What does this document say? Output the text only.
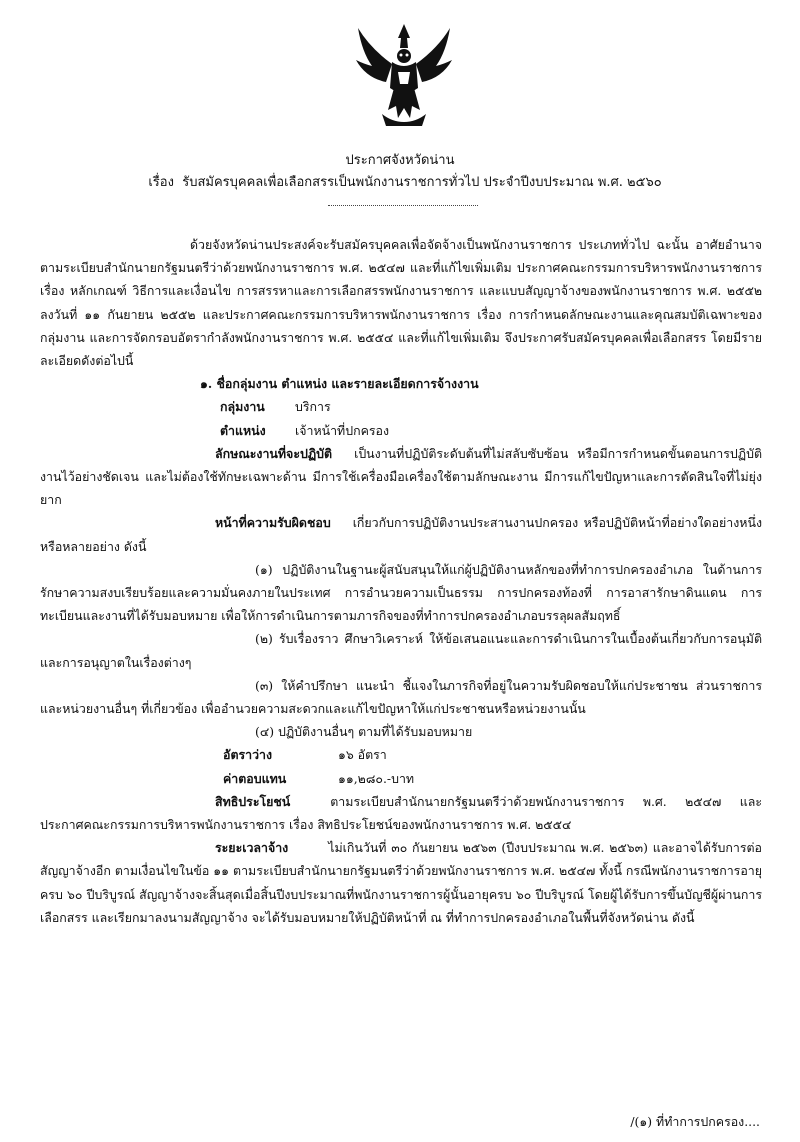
ประกาศจังหวัดน่าน
เรื่อง รับสมัครบุคคลเพื่อเลือกสรรเป็นพนักงานราชการทั่วไป ประจำปีงบประมาณ พ.ศ. ๒๕๖๐

ด้วยจังหวัดน่านประสงค์จะรับสมัครบุคคลเพื่อจัดจ้างเป็นพนักงานราชการ ประเภททั่วไป ฉะนั้น อาศัยอำนาจตามระเบียบสำนักนายกรัฐมนตรีว่าด้วยพนักงานราชการ พ.ศ. ๒๕๔๗ และที่แก้ไขเพิ่มเติม ประกาศคณะกรรมการบริหารพนักงานราชการ เรื่อง หลักเกณฑ์ วิธีการและเงื่อนไข การสรรหาและการเลือกสรรพนักงานราชการ และแบบสัญญาจ้างของพนักงานราชการ พ.ศ. ๒๕๕๒ ลงวันที่ ๑๑ กันยายน ๒๕๕๒ และประกาศคณะกรรมการบริหารพนักงานราชการ เรื่อง การกำหนดลักษณะงานและคุณสมบัติเฉพาะของกลุ่มงาน และการจัดกรอบอัตรากำลังพนักงานราชการ พ.ศ. ๒๕๕๔ และที่แก้ไขเพิ่มเติม จึงประกาศรับสมัครบุคคลเพื่อเลือกสรร โดยมีรายละเอียดดังต่อไปนี้

๑. ชื่อกลุ่มงาน ตำแหน่ง และรายละเอียดการจ้างงาน

กลุ่มงาน	บริการ
ตำแหน่ง	เจ้าหน้าที่ปกครอง

ลักษณะงานที่จะปฏิบัติ เป็นงานที่ปฏิบัติระดับต้นที่ไม่สลับซับซ้อน หรือมีการกำหนดขั้นตอนการปฏิบัติงานไว้อย่างชัดเจน และไม่ต้องใช้ทักษะเฉพาะด้าน มีการใช้เครื่องมือเครื่องใช้ตามลักษณะงาน มีการแก้ไขปัญหาและการตัดสินใจที่ไม่ยุ่งยาก

หน้าที่ความรับผิดชอบ เกี่ยวกับการปฏิบัติงานประสานงานปกครอง หรือปฏิบัติหน้าที่อย่างใดอย่างหนึ่งหรือหลายอย่าง ดังนี้

(๑) ปฏิบัติงานในฐานะผู้สนับสนุนให้แก่ผู้ปฏิบัติงานหลักของที่ทำการปกครองอำเภอ ในด้านการรักษาความสงบเรียบร้อยและความมั่นคงภายในประเทศ การอำนวยความเป็นธรรม การปกครองท้องที่ การอาสารักษาดินแดน การทะเบียนและงานที่ได้รับมอบหมาย เพื่อให้การดำเนินการตามภารกิจของที่ทำการปกครองอำเภอบรรลุผลสัมฤทธิ์

(๒) รับเรื่องราว ศึกษาวิเคราะห์ ให้ข้อเสนอแนะและการดำเนินการในเบื้องต้นเกี่ยวกับการอนุมัติและการอนุญาตในเรื่องต่างๆ

(๓) ให้คำปรึกษา แนะนำ ชี้แจงในภารกิจที่อยู่ในความรับผิดชอบให้แก่ประชาชน ส่วนราชการ และหน่วยงานอื่นๆ ที่เกี่ยวข้อง เพื่ออำนวยความสะดวกและแก้ไขปัญหาให้แก่ประชาชนหรือหน่วยงานนั้น

(๔) ปฏิบัติงานอื่นๆ ตามที่ได้รับมอบหมาย

อัตราว่าง	๑๖ อัตรา
ค่าตอบแทน	๑๑,๒๘๐.-บาท

สิทธิประโยชน์	ตามระเบียบสำนักนายกรัฐมนตรีว่าด้วยพนักงานราชการ พ.ศ. ๒๕๔๗ และประกาศคณะกรรมการบริหารพนักงานราชการ เรื่อง สิทธิประโยชน์ของพนักงานราชการ พ.ศ. ๒๕๕๔

ระยะเวลาจ้าง	ไม่เกินวันที่ ๓๐ กันยายน ๒๕๖๓ (ปีงบประมาณ พ.ศ. ๒๕๖๓) และอาจได้รับการต่อสัญญาจ้างอีก ตามเงื่อนไขในข้อ ๑๑ ตามระเบียบสำนักนายกรัฐมนตรีว่าด้วยพนักงานราชการ พ.ศ. ๒๕๔๗ ทั้งนี้ กรณีพนักงานราชการอายุครบ ๖๐ ปีบริบูรณ์ สัญญาจ้างจะสิ้นสุดเมื่อสิ้นปีงบประมาณที่พนักงานราชการผู้นั้นอายุครบ ๖๐ ปีบริบูรณ์ โดยผู้ได้รับการขึ้นบัญชีผู้ผ่านการเลือกสรร และเรียกมาลงนามสัญญาจ้าง จะได้รับมอบหมายให้ปฏิบัติหน้าที่ ณ ที่ทำการปกครองอำเภอในพื้นที่จังหวัดน่าน ดังนี้

/(๑) ที่ทำการปกครอง....
